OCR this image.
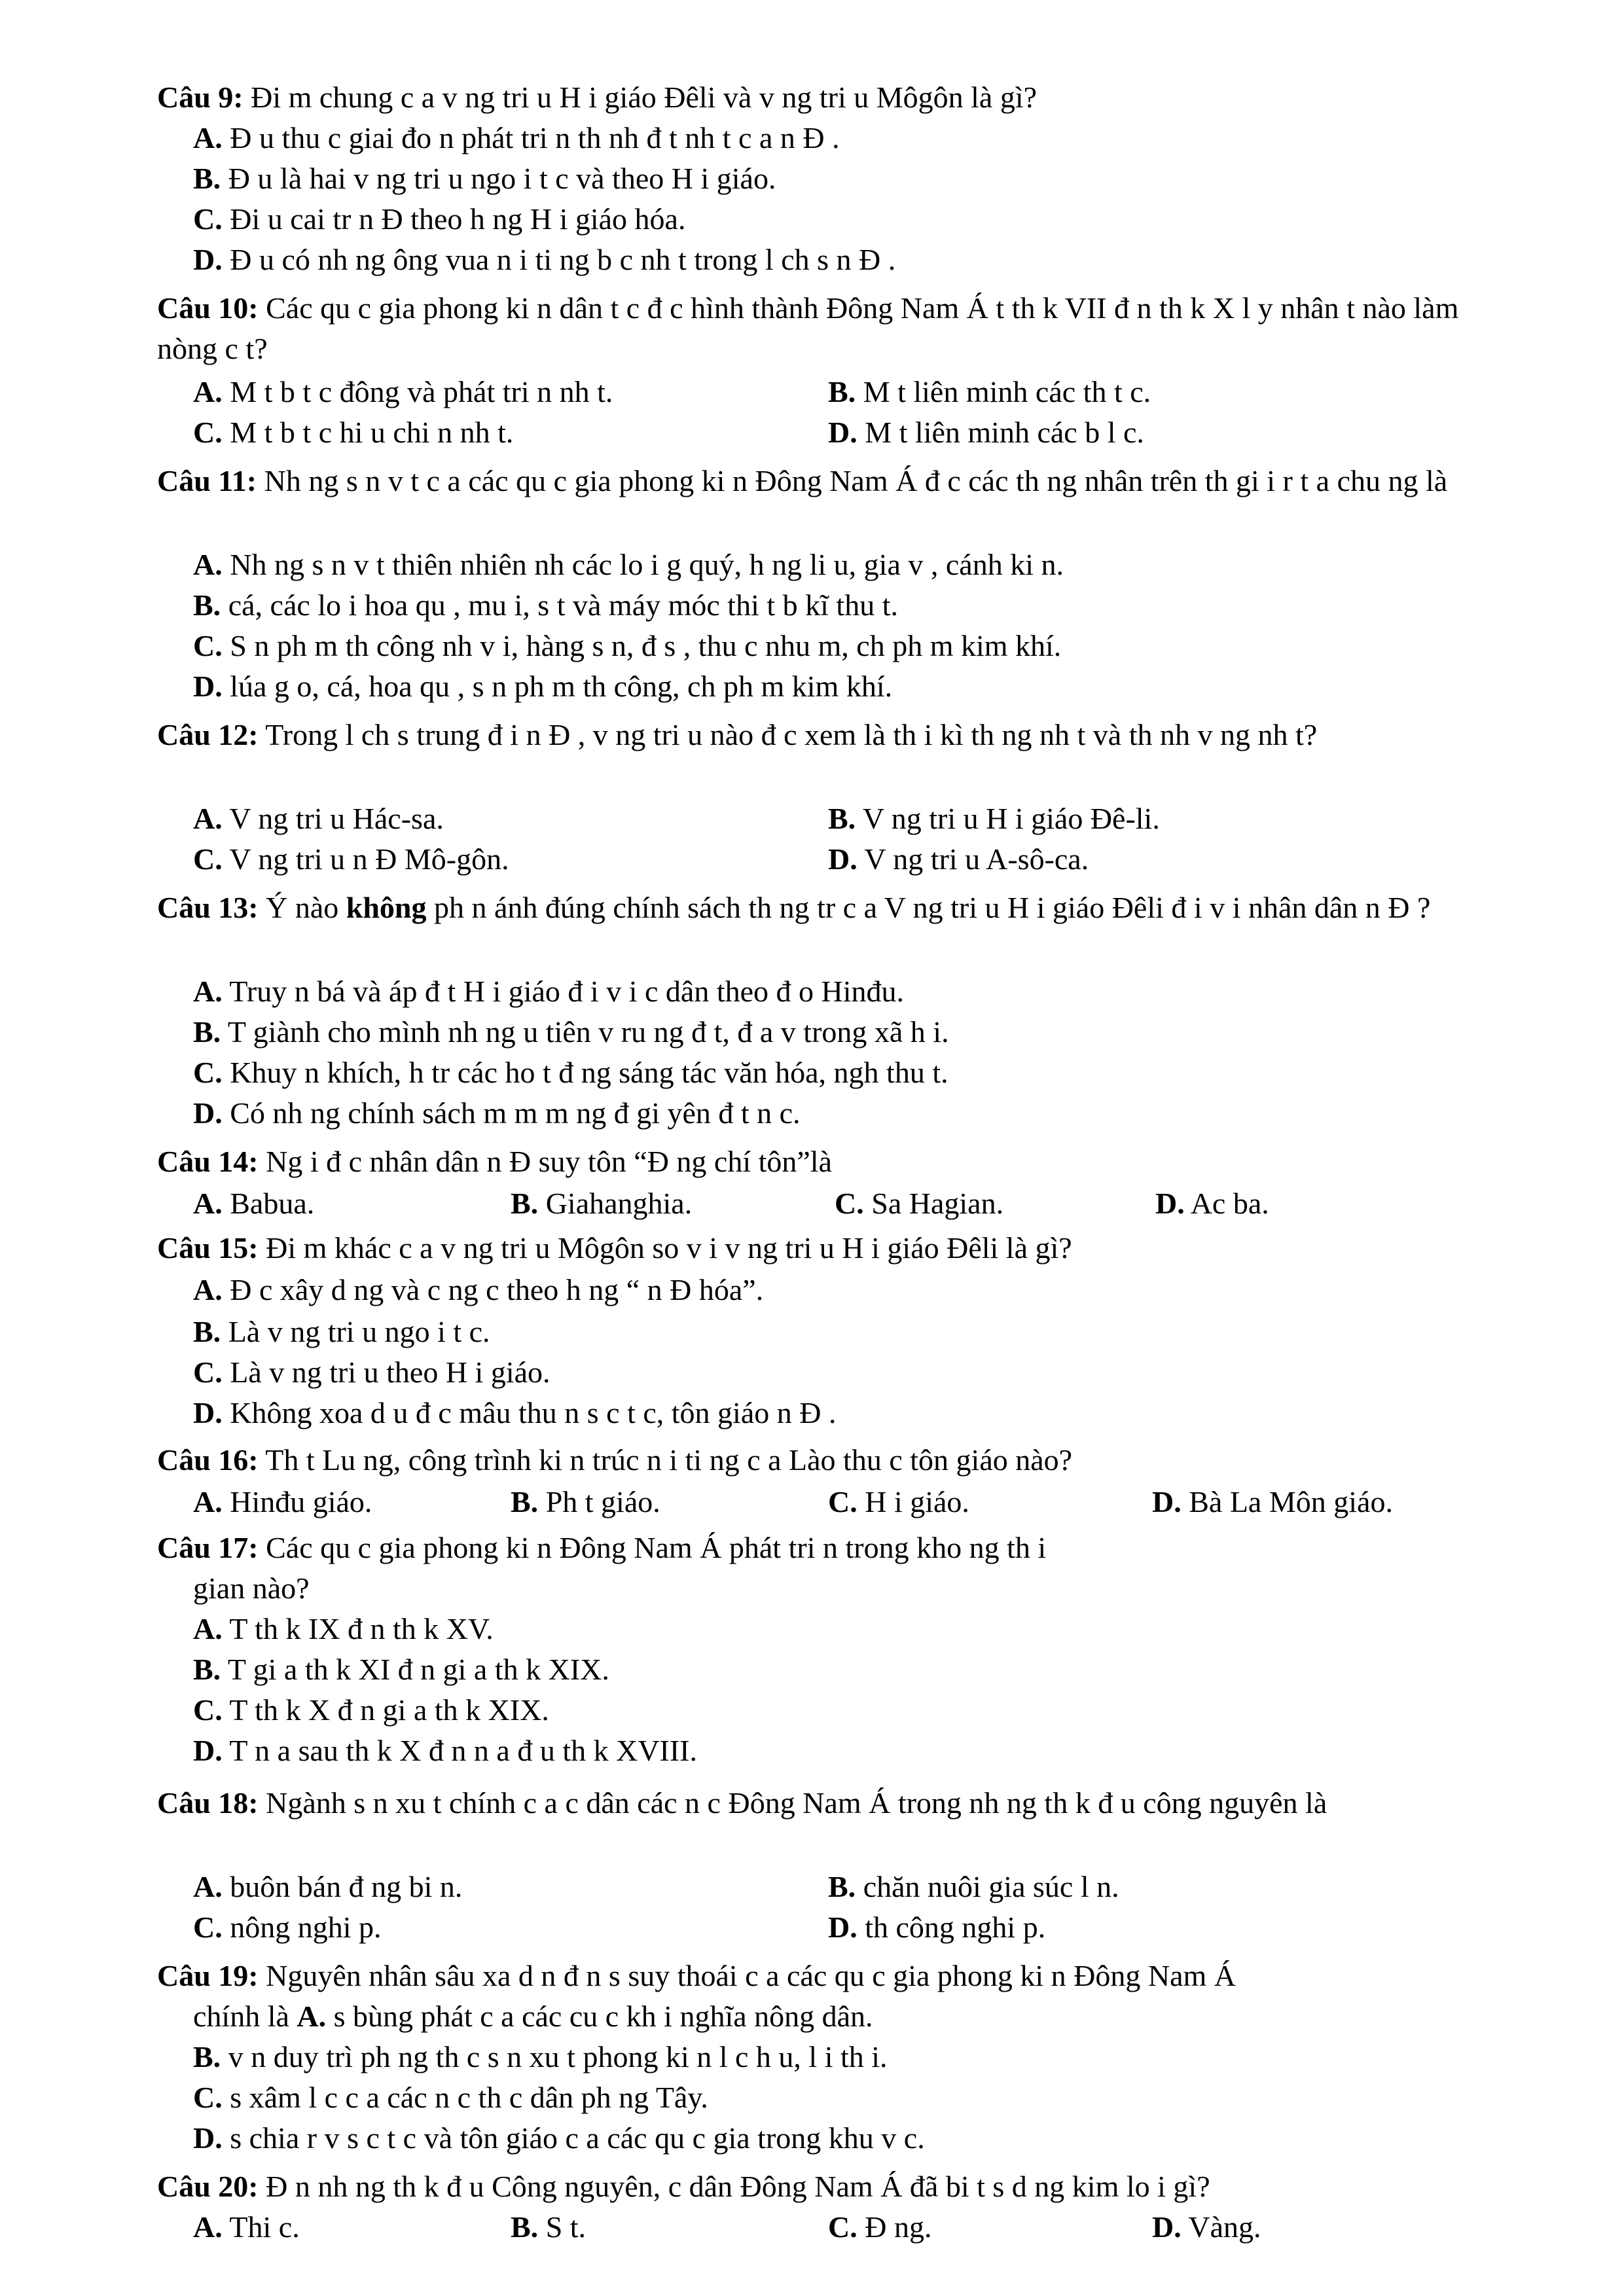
Câu 9: Đi m chung c a v ng tri u H i giáo Đêli và v ng tri u Môgôn là gì?
A. Đ u thu c giai đo n phát tri n th nh đ t nh t c a n Đ .
B. Đ u là hai v ng tri u ngo i t c và theo H i giáo.
C. Đi u cai tr n Đ theo h ng H i giáo hóa.
D. Đ u có nh ng ông vua n i ti ng b c nh t trong l ch s n Đ .
Câu 10: Các qu c gia phong ki n dân t c đ c hình thành Đông Nam Á t th k VII đ n th k X l y nhân t nào làm nòng c t?
A. M t b t c đông và phát tri n nh t.	B. M t liên minh các th t c.
C. M t b t c hi u chi n nh t.	D. M t liên minh các b l c.
Câu 11: Nh ng s n v t c a các qu c gia phong ki n Đông Nam Á đ c các th ng nhân trên th gi i r t a chu ng là
A. Nh ng s n v t thiên nhiên nh các lo i g quý, h ng li u, gia v , cánh ki n.
B. cá, các lo i hoa qu , mu i, s t và máy móc thi t b kĩ thu t.
C. S n ph m th công nh v i, hàng s n, đ s , thu c nhu m, ch ph m kim khí.
D. lúa g o, cá, hoa qu , s n ph m th công, ch ph m kim khí.
Câu 12: Trong l ch s trung đ i n Đ , v ng tri u nào đ c xem là th i kì th ng nh t và th nh v ng nh t?
A. V ng tri u Hác-sa.	B. V ng tri u H i giáo Đê-li.
C. V ng tri u n Đ Mô-gôn.	D. V ng tri u A-sô-ca.
Câu 13: Ý nào không ph n ánh đúng chính sách th ng tr c a V ng tri u H i giáo Đêli đ i v i nhân dân n Đ ?
A. Truy n bá và áp đ t H i giáo đ i v i c dân theo đ o Hinđu.
B. T giành cho mình nh ng u tiên v ru ng đ t, đ a v trong xã h i.
C. Khuy n khích, h tr các ho t đ ng sáng tác văn hóa, ngh thu t.
D. Có nh ng chính sách m m m ng đ gi yên đ t n c.
Câu 14: Ng i đ c nhân dân n Đ suy tôn “Đ ng chí tôn”là
A. Babua.	B. Giahanghia.	C. Sa Hagian.	D. Ac ba.
Câu 15: Đi m khác c a v ng tri u Môgôn so v i v ng tri u H i giáo Đêli là gì?
A. Đ c xây d ng và c ng c theo h ng “ n Đ hóa”.
B. Là v ng tri u ngo i t c.
C. Là v ng tri u theo H i giáo.
D. Không xoa d u đ c mâu thu n s c t c, tôn giáo n Đ .
Câu 16: Th t Lu ng, công trình ki n trúc n i ti ng c a Lào thu c tôn giáo nào?
A. Hinđu giáo.	B. Ph t giáo.	C. H i giáo.	D. Bà La Môn giáo.
Câu 17: Các qu c gia phong ki n Đông Nam Á phát tri n trong kho ng th i
gian nào?
A. T th k IX đ n th k XV.
B. T gi a th k XI đ n gi a th k XIX.
C. T th k X đ n gi a th k XIX.
D. T n a sau th k X đ n n a đ u th k XVIII.
Câu 18: Ngành s n xu t chính c a c dân các n c Đông Nam Á trong nh ng th k đ u công nguyên là
A. buôn bán đ ng bi n.	B. chăn nuôi gia súc l n.
C. nông nghi p.	D. th công nghi p.
Câu 19: Nguyên nhân sâu xa d n đ n s suy thoái c a các qu c gia phong ki n Đông Nam Á
chính là A. s bùng phát c a các cu c kh i nghĩa nông dân.
B. v n duy trì ph ng th c s n xu t phong ki n l c h u, l i th i.
C. s xâm l c c a các n c th c dân ph ng Tây.
D. s chia r v s c t c và tôn giáo c a các qu c gia trong khu v c.
Câu 20: Đ n nh ng th k đ u Công nguyên, c dân Đông Nam Á đã bi t s d ng kim lo i gì?
A. Thi c.	B. S t.	C. Đ ng.	D. Vàng.
